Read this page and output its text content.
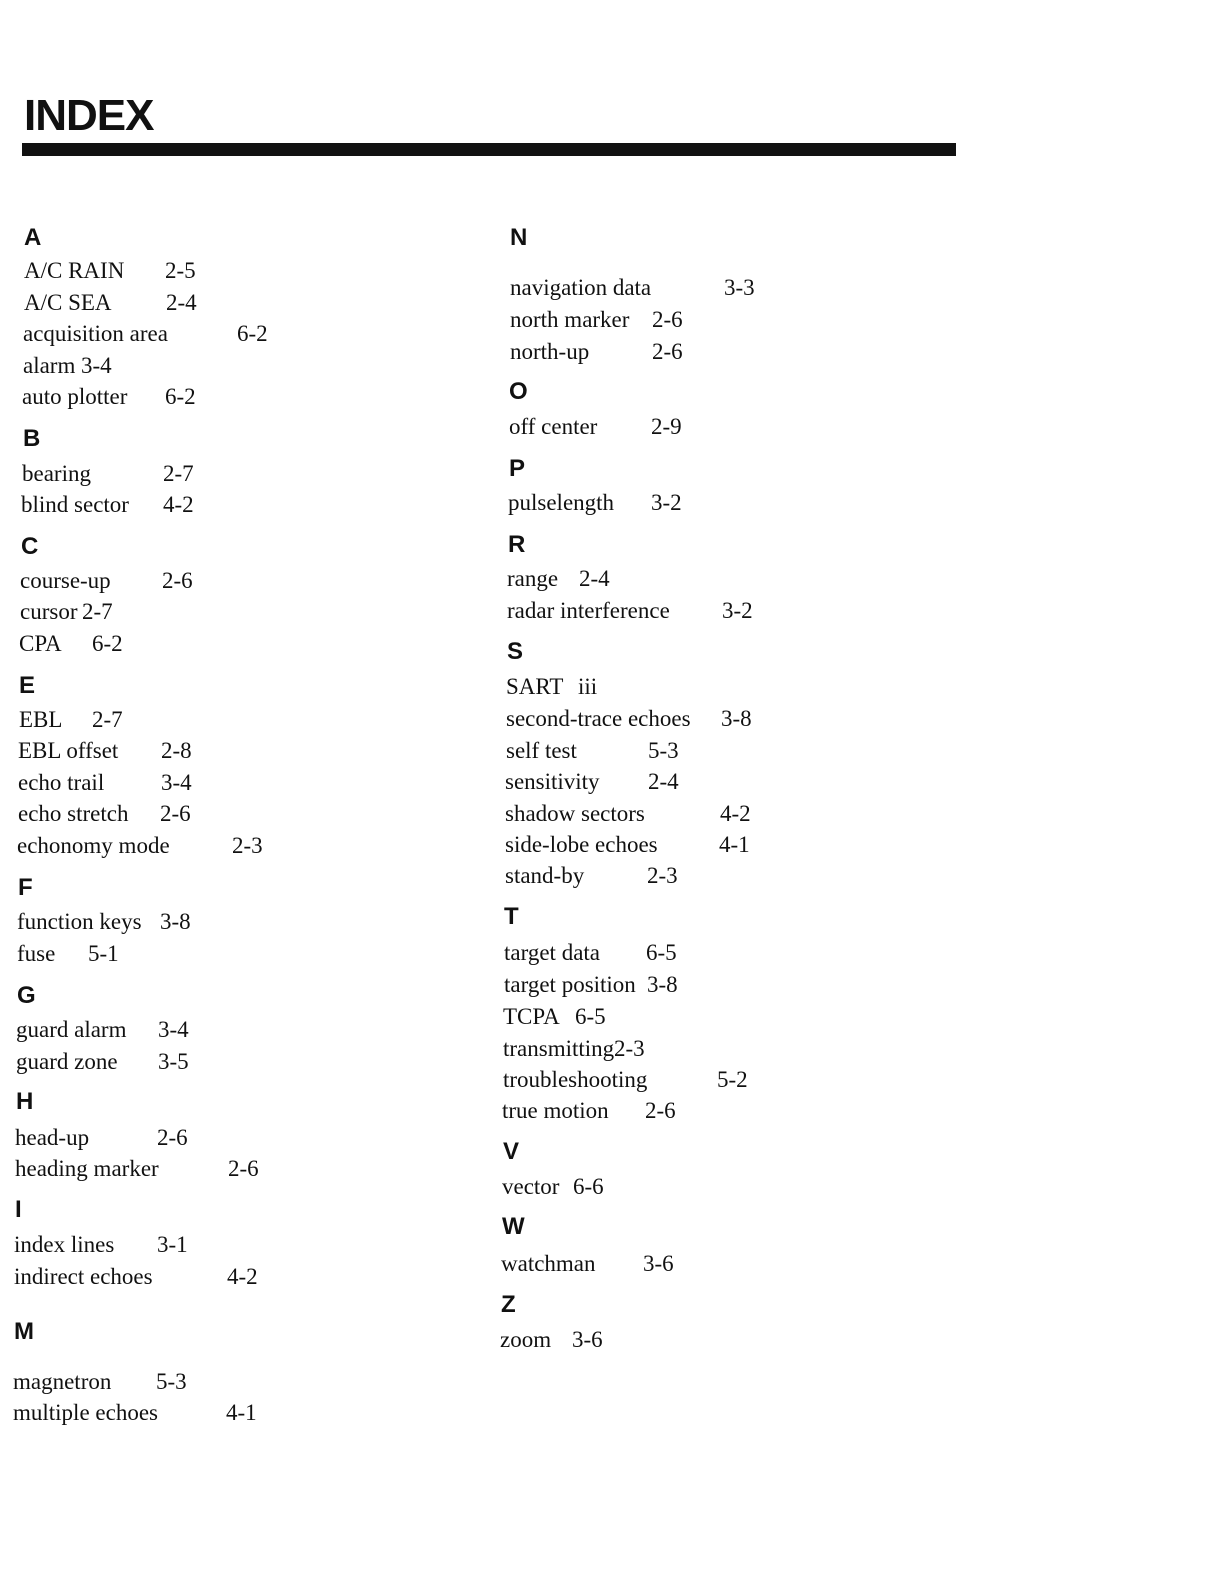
INDEX
A
A/C RAIN 2-5
A/C SEA 2-4
acquisition area	6-2
alarm 3-4
auto plotter 6-2
B
bearing	2-7
blind sector 4-2
C
course-up 2-6
cursor 2-7
CPA 6-2
E
EBL 2-7
EBL offset 2-8
echo trail 3-4
echo stretch 2-6
echonomy mode	2-3
F
function keys 3-8
fuse 5-1
G
guard alarm 3-4
guard zone 3-5
H
head-up	2-6
heading marker	2-6
I
index lines 3-1
indirect echoes	4-2
M
magnetron 5-3
multiple echoes	4-1
N
navigation data	3-3
north marker 2-6
north-up	2-6
O
off center 2-9
P
pulselength 3-2
R
range 2-4
radar interference 3-2
S
SART iii
second-trace echoes 3-8
self test	5-3
sensitivity 2-4
shadow sectors	4-2
side-lobe echoes	4-1
stand-by	2-3
T
target data 6-5
target position 3-8
TCPA 6-5
transmitting 2-3
troubleshooting	5-2
true motion 2-6
V
vector 6-6
W
watchman 3-6
Z
zoom 3-6
